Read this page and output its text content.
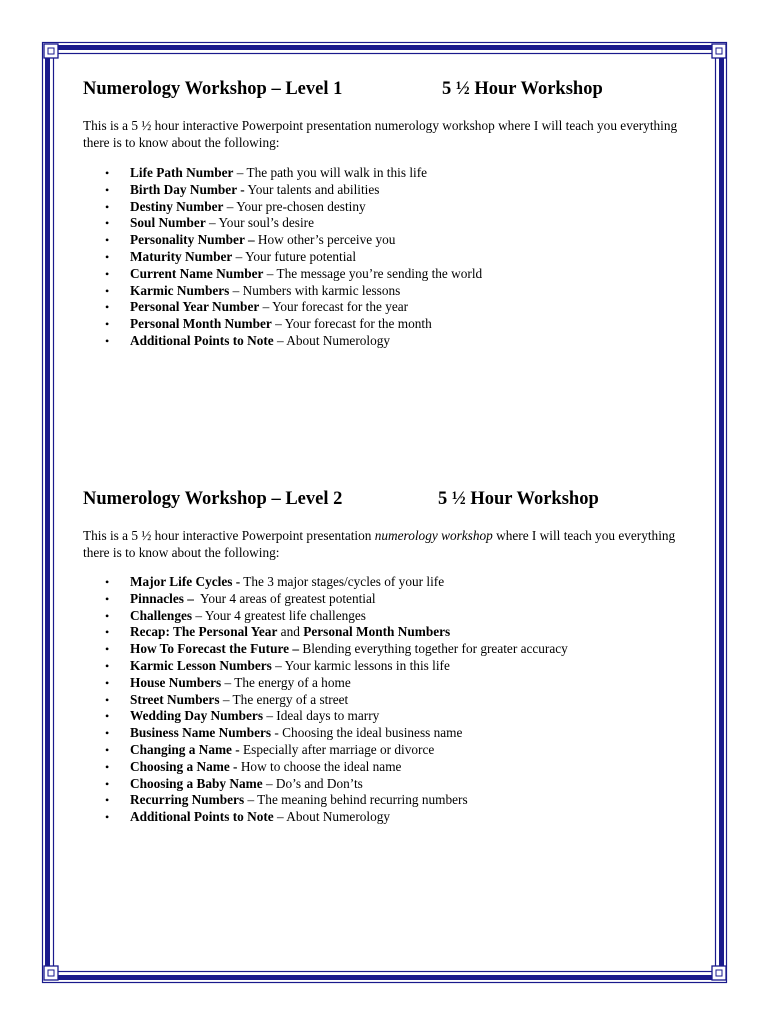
Numerology Workshop – Level 1	5 ½ Hour Workshop
This is a 5 ½ hour interactive Powerpoint presentation numerology workshop where I will teach you everything there is to know about the following:
• Life Path Number – The path you will walk in this life
• Birth Day Number - Your talents and abilities
• Destiny Number – Your pre-chosen destiny
• Soul Number – Your soul’s desire
• Personality Number – How other’s perceive you
• Maturity Number – Your future potential
• Current Name Number – The message you’re sending the world
• Karmic Numbers – Numbers with karmic lessons
• Personal Year Number – Your forecast for the year
• Personal Month Number – Your forecast for the month
• Additional Points to Note – About Numerology
Numerology Workshop – Level 2	5 ½ Hour Workshop
This is a 5 ½ hour interactive Powerpoint presentation numerology workshop where I will teach you everything there is to know about the following:
• Major Life Cycles - The 3 major stages/cycles of your life
• Pinnacles –  Your 4 areas of greatest potential
• Challenges – Your 4 greatest life challenges
• Recap: The Personal Year and Personal Month Numbers
• How To Forecast the Future – Blending everything together for greater accuracy
• Karmic Lesson Numbers – Your karmic lessons in this life
• House Numbers – The energy of a home
• Street Numbers – The energy of a street
• Wedding Day Numbers – Ideal days to marry
• Business Name Numbers - Choosing the ideal business name
• Changing a Name - Especially after marriage or divorce
• Choosing a Name - How to choose the ideal name
• Choosing a Baby Name – Do’s and Don’ts
• Recurring Numbers – The meaning behind recurring numbers
• Additional Points to Note – About Numerology
